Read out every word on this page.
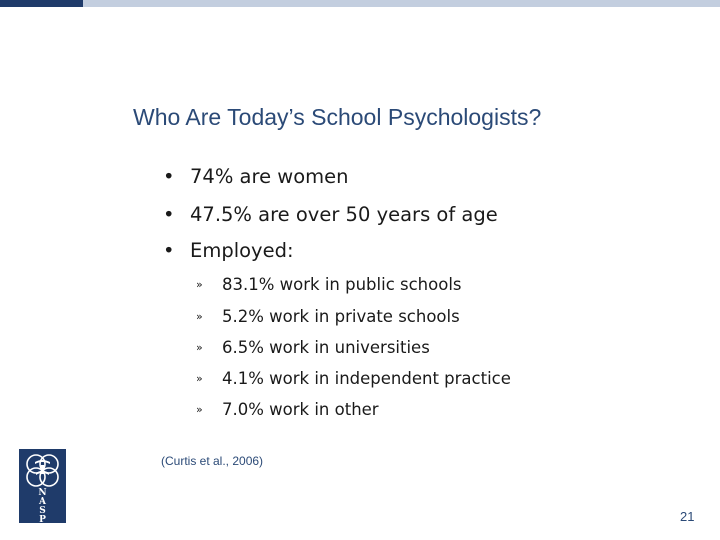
Who Are Today’s School Psychologists?
• 74% are women
• 47.5% are over 50 years of age
• Employed:
» 83.1% work in public schools
» 5.2% work in private schools
» 6.5% work in universities
» 4.1% work in independent practice
» 7.0% work in other
(Curtis et al., 2006)
N
A
S
P	21
